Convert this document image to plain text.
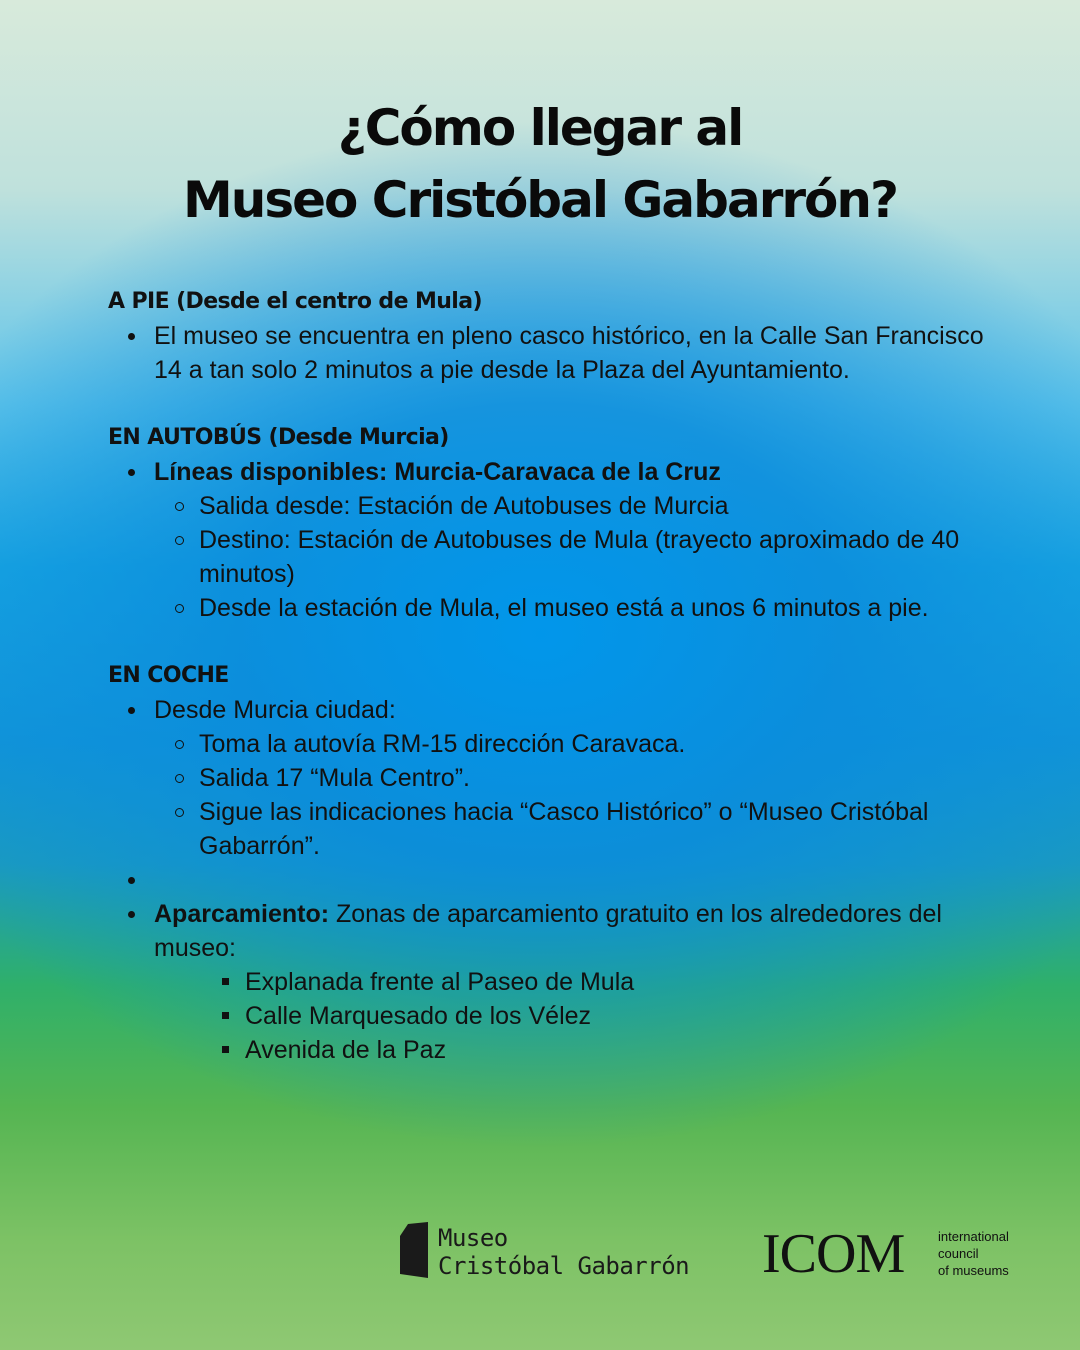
¿Cómo llegar al
Museo Cristóbal Gabarrón?
A PIE (Desde el centro de Mula)
El museo se encuentra en pleno casco histórico, en la Calle San Francisco 14 a tan solo 2 minutos a pie desde la Plaza del Ayuntamiento.
EN AUTOBÚS (Desde Murcia)
Líneas disponibles: Murcia-Caravaca de la Cruz
Salida desde: Estación de Autobuses de Murcia
Destino: Estación de Autobuses de Mula (trayecto aproximado de 40 minutos)
Desde la estación de Mula, el museo está a unos 6 minutos a pie.
EN COCHE
Desde Murcia ciudad:
Toma la autovía RM-15 dirección Caravaca.
Salida 17 “Mula Centro”.
Sigue las indicaciones hacia “Casco Histórico” o “Museo Cristóbal Gabarrón”.
Aparcamiento: Zonas de aparcamiento gratuito en los alrededores del museo:
Explanada frente al Paseo de Mula
Calle Marquesado de los Vélez
Avenida de la Paz
Museo
Cristóbal Gabarrón ICOM	international
council
of museums
